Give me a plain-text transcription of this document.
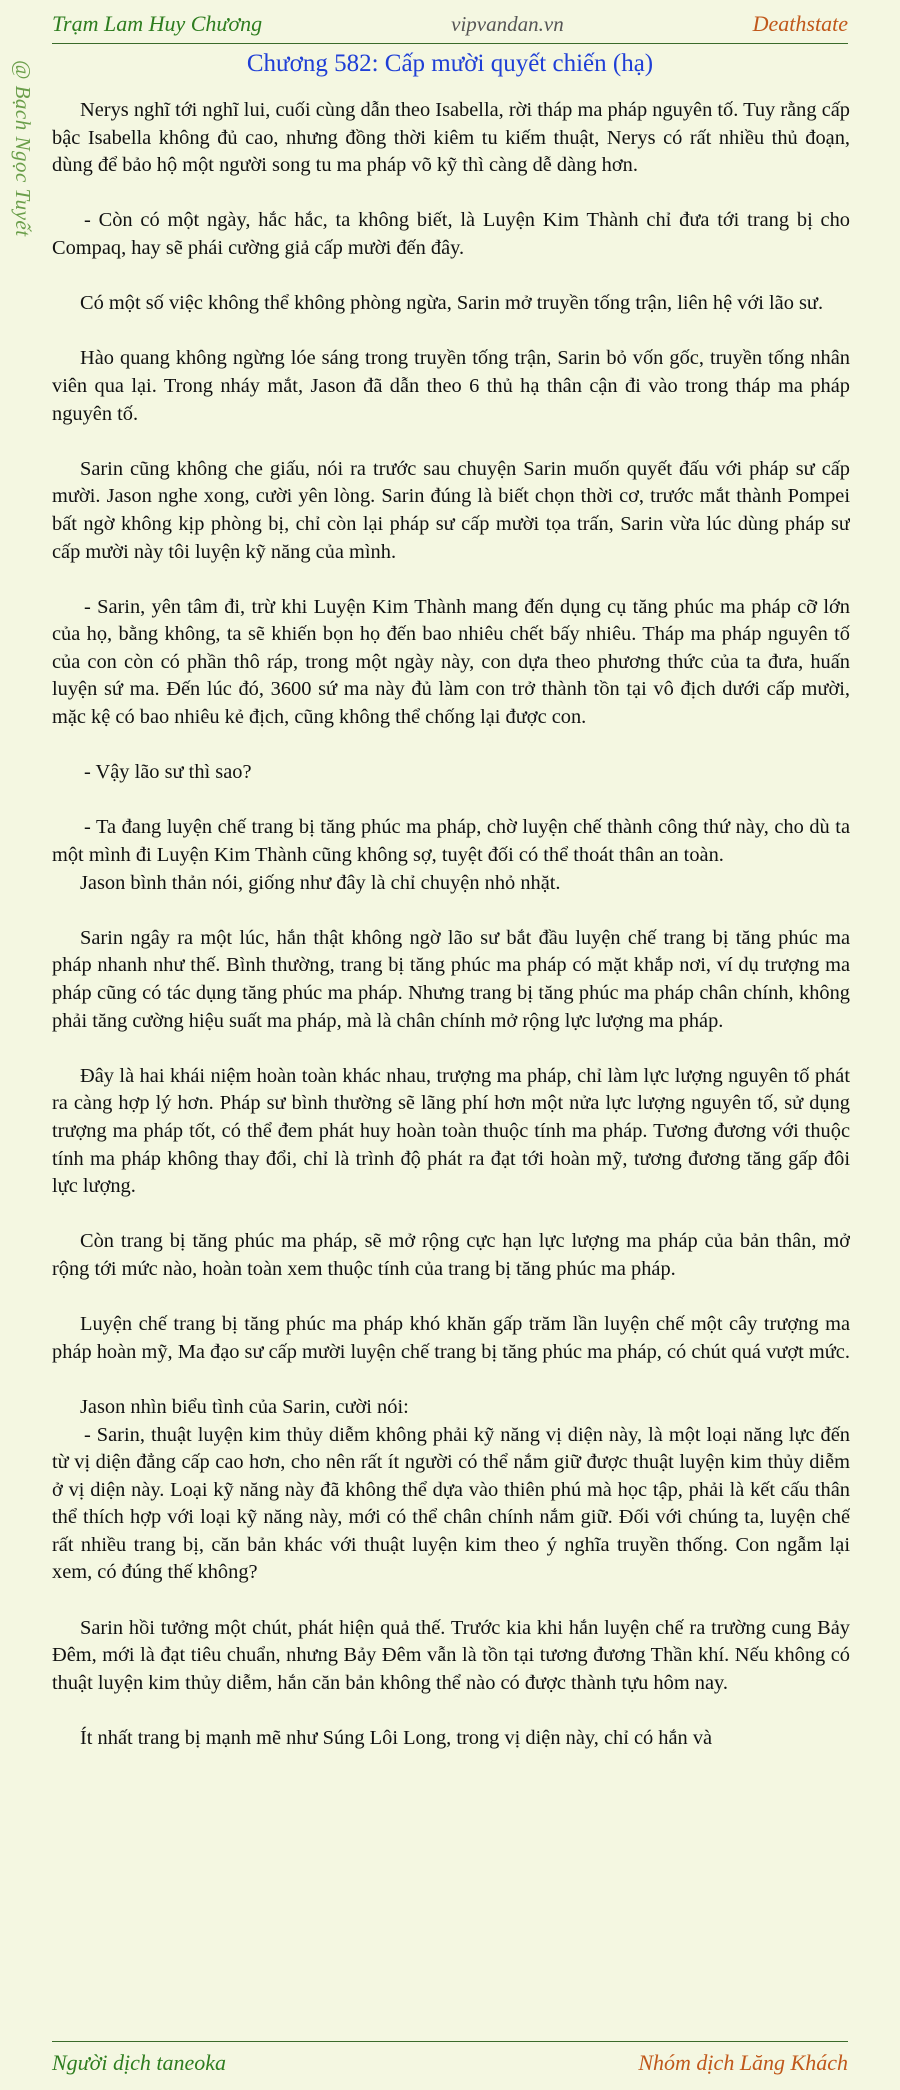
Trạm Lam Huy Chương	vipvandan.vn	Deathstate
@ Bạch Ngọc Tuyết	Chương 582: Cấp mười quyết chiến (hạ)

Nerys nghĩ tới nghĩ lui, cuối cùng dẫn theo Isabella, rời tháp ma pháp nguyên tố. Tuy rằng cấp bậc Isabella không đủ cao, nhưng đồng thời kiêm tu kiếm thuật, Nerys có rất nhiều thủ đoạn, dùng để bảo hộ một người song tu ma pháp võ kỹ thì càng dễ dàng hơn.

- Còn có một ngày, hắc hắc, ta không biết, là Luyện Kim Thành chỉ đưa tới trang bị cho Compaq, hay sẽ phái cường giả cấp mười đến đây.

Có một số việc không thể không phòng ngừa, Sarin mở truyền tống trận, liên hệ với lão sư.

Hào quang không ngừng lóe sáng trong truyền tống trận, Sarin bỏ vốn gốc, truyền tống nhân viên qua lại. Trong nháy mắt, Jason đã dẫn theo 6 thủ hạ thân cận đi vào trong tháp ma pháp nguyên tố.

Sarin cũng không che giấu, nói ra trước sau chuyện Sarin muốn quyết đấu với pháp sư cấp mười. Jason nghe xong, cười yên lòng. Sarin đúng là biết chọn thời cơ, trước mắt thành Pompei bất ngờ không kịp phòng bị, chỉ còn lại pháp sư cấp mười tọa trấn, Sarin vừa lúc dùng pháp sư cấp mười này tôi luyện kỹ năng của mình.

- Sarin, yên tâm đi, trừ khi Luyện Kim Thành mang đến dụng cụ tăng phúc ma pháp cỡ lớn của họ, bằng không, ta sẽ khiến bọn họ đến bao nhiêu chết bấy nhiêu. Tháp ma pháp nguyên tố của con còn có phần thô ráp, trong một ngày này, con dựa theo phương thức của ta đưa, huấn luyện sứ ma. Đến lúc đó, 3600 sứ ma này đủ làm con trở thành tồn tại vô địch dưới cấp mười, mặc kệ có bao nhiêu kẻ địch, cũng không thể chống lại được con.

- Vậy lão sư thì sao?

- Ta đang luyện chế trang bị tăng phúc ma pháp, chờ luyện chế thành công thứ này, cho dù ta một mình đi Luyện Kim Thành cũng không sợ, tuyệt đối có thể thoát thân an toàn.

Jason bình thản nói, giống như đây là chỉ chuyện nhỏ nhặt.

Sarin ngây ra một lúc, hắn thật không ngờ lão sư bắt đầu luyện chế trang bị tăng phúc ma pháp nhanh như thế. Bình thường, trang bị tăng phúc ma pháp có mặt khắp nơi, ví dụ trượng ma pháp cũng có tác dụng tăng phúc ma pháp. Nhưng trang bị tăng phúc ma pháp chân chính, không phải tăng cường hiệu suất ma pháp, mà là chân chính mở rộng lực lượng ma pháp.

Đây là hai khái niệm hoàn toàn khác nhau, trượng ma pháp, chỉ làm lực lượng nguyên tố phát ra càng hợp lý hơn. Pháp sư bình thường sẽ lãng phí hơn một nửa lực lượng nguyên tố, sử dụng trượng ma pháp tốt, có thể đem phát huy hoàn toàn thuộc tính ma pháp. Tương đương với thuộc tính ma pháp không thay đổi, chỉ là trình độ phát ra đạt tới hoàn mỹ, tương đương tăng gấp đôi lực lượng.

Còn trang bị tăng phúc ma pháp, sẽ mở rộng cực hạn lực lượng ma pháp của bản thân, mở rộng tới mức nào, hoàn toàn xem thuộc tính của trang bị tăng phúc ma pháp.

Luyện chế trang bị tăng phúc ma pháp khó khăn gấp trăm lần luyện chế một cây trượng ma pháp hoàn mỹ, Ma đạo sư cấp mười luyện chế trang bị tăng phúc ma pháp, có chút quá vượt mức.

Jason nhìn biểu tình của Sarin, cười nói:

- Sarin, thuật luyện kim thủy diễm không phải kỹ năng vị diện này, là một loại năng lực đến từ vị diện đẳng cấp cao hơn, cho nên rất ít người có thể nắm giữ được thuật luyện kim thủy diễm ở vị diện này. Loại kỹ năng này đã không thể dựa vào thiên phú mà học tập, phải là kết cấu thân thể thích hợp với loại kỹ năng này, mới có thể chân chính nắm giữ. Đối với chúng ta, luyện chế rất nhiều trang bị, căn bản khác với thuật luyện kim theo ý nghĩa truyền thống. Con ngẫm lại xem, có đúng thế không?

Sarin hồi tưởng một chút, phát hiện quả thế. Trước kia khi hắn luyện chế ra trường cung Bảy Đêm, mới là đạt tiêu chuẩn, nhưng Bảy Đêm vẫn là tồn tại tương đương Thần khí. Nếu không có thuật luyện kim thủy diễm, hắn căn bản không thể nào có được thành tựu hôm nay.

Ít nhất trang bị mạnh mẽ như Súng Lôi Long, trong vị diện này, chỉ có hắn và

Người dịch taneoka	Nhóm dịch Lăng Khách
